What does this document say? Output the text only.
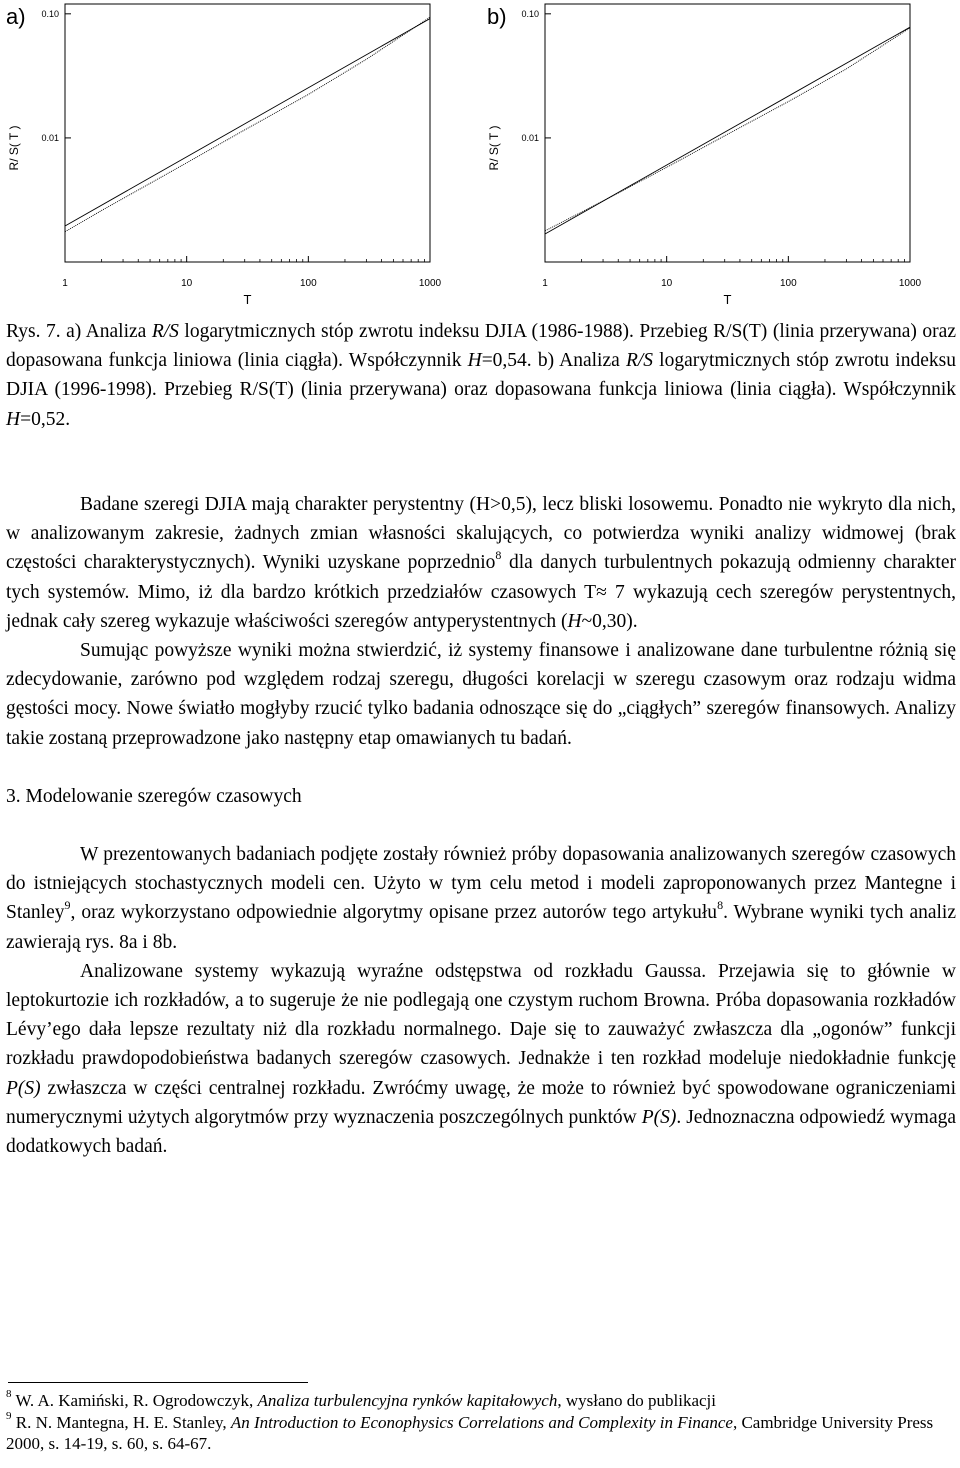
a)
1	10	100	1000
0.10
0.01
T
R/ S( T )
b)
1	10	100	1000
0.10
0.01
T
R/ S( T )
Rys. 7. a) Analiza R/S logarytmicznych stóp zwrotu indeksu DJIA (1986-1988). Przebieg R/S(T) (linia przerywana) oraz dopasowana funkcja liniowa (linia ciągła). Współczynnik H=0,54. b) Analiza R/S logarytmicznych stóp zwrotu indeksu DJIA (1996-1998). Przebieg R/S(T) (linia przerywana) oraz dopasowana funkcja liniowa (linia ciągła). Współczynnik H=0,52.

Badane szeregi DJIA mają charakter perystentny (H>0,5), lecz bliski losowemu. Ponadto nie wykryto dla nich, w analizowanym zakresie, żadnych zmian własności skalujących, co potwierdza wyniki analizy widmowej (brak częstości charakterystycznych). Wyniki uzyskane poprzednio$^8$ dla danych turbulentnych pokazują odmienny charakter tych systemów. Mimo, iż dla bardzo krótkich przedziałów czasowych T≈ 7 wykazują cech szeregów perystentnych, jednak cały szereg wykazuje właściwości szeregów antyperystentnych (H~0,30).

Sumując powyższe wyniki można stwierdzić, iż systemy finansowe i analizowane dane turbulentne różnią się zdecydowanie, zarówno pod względem rodzaj szeregu, długości korelacji w szeregu czasowym oraz rodzaju widma gęstości mocy. Nowe światło mogłyby rzucić tylko badania odnoszące się do „ciągłych” szeregów finansowych. Analizy takie zostaną przeprowadzone jako następny etap omawianych tu badań.

3. Modelowanie szeregów czasowych

W prezentowanych badaniach podjęte zostały również próby dopasowania analizowanych szeregów czasowych do istniejących stochastycznych modeli cen. Użyto w tym celu metod i modeli zaproponowanych przez Mantegne i Stanley$^9$, oraz wykorzystano odpowiednie algorytmy opisane przez autorów tego artykułu$^8$. Wybrane wyniki tych analiz zawierają rys. 8a i 8b.

Analizowane systemy wykazują wyraźne odstępstwa od rozkładu Gaussa. Przejawia się to głównie w leptokurtozie ich rozkładów, a to sugeruje że nie podlegają one czystym ruchom Browna. Próba dopasowania rozkładów Lévy’ego dała lepsze rezultaty niż dla rozkładu normalnego. Daje się to zauważyć zwłaszcza dla „ogonów” funkcji rozkładu prawdopodobieństwa badanych szeregów czasowych. Jednakże i ten rozkład modeluje niedokładnie funkcję P(S) zwłaszcza w części centralnej rozkładu. Zwróćmy uwagę, że może to również być spowodowane ograniczeniami numerycznymi użytych algorytmów przy wyznaczenia poszczególnych punktów P(S). Jednoznaczna odpowiedź wymaga dodatkowych badań.

$^8$ W. A. Kamiński, R. Ogrodowczyk, Analiza turbulencyjna rynków kapitałowych, wysłano do publikacji

$^9$ R. N. Mantegna, H. E. Stanley, An Introduction to Econophysics Correlations and Complexity in Finance, Cambridge University Press 2000, s. 14-19, s. 60, s. 64-67.
